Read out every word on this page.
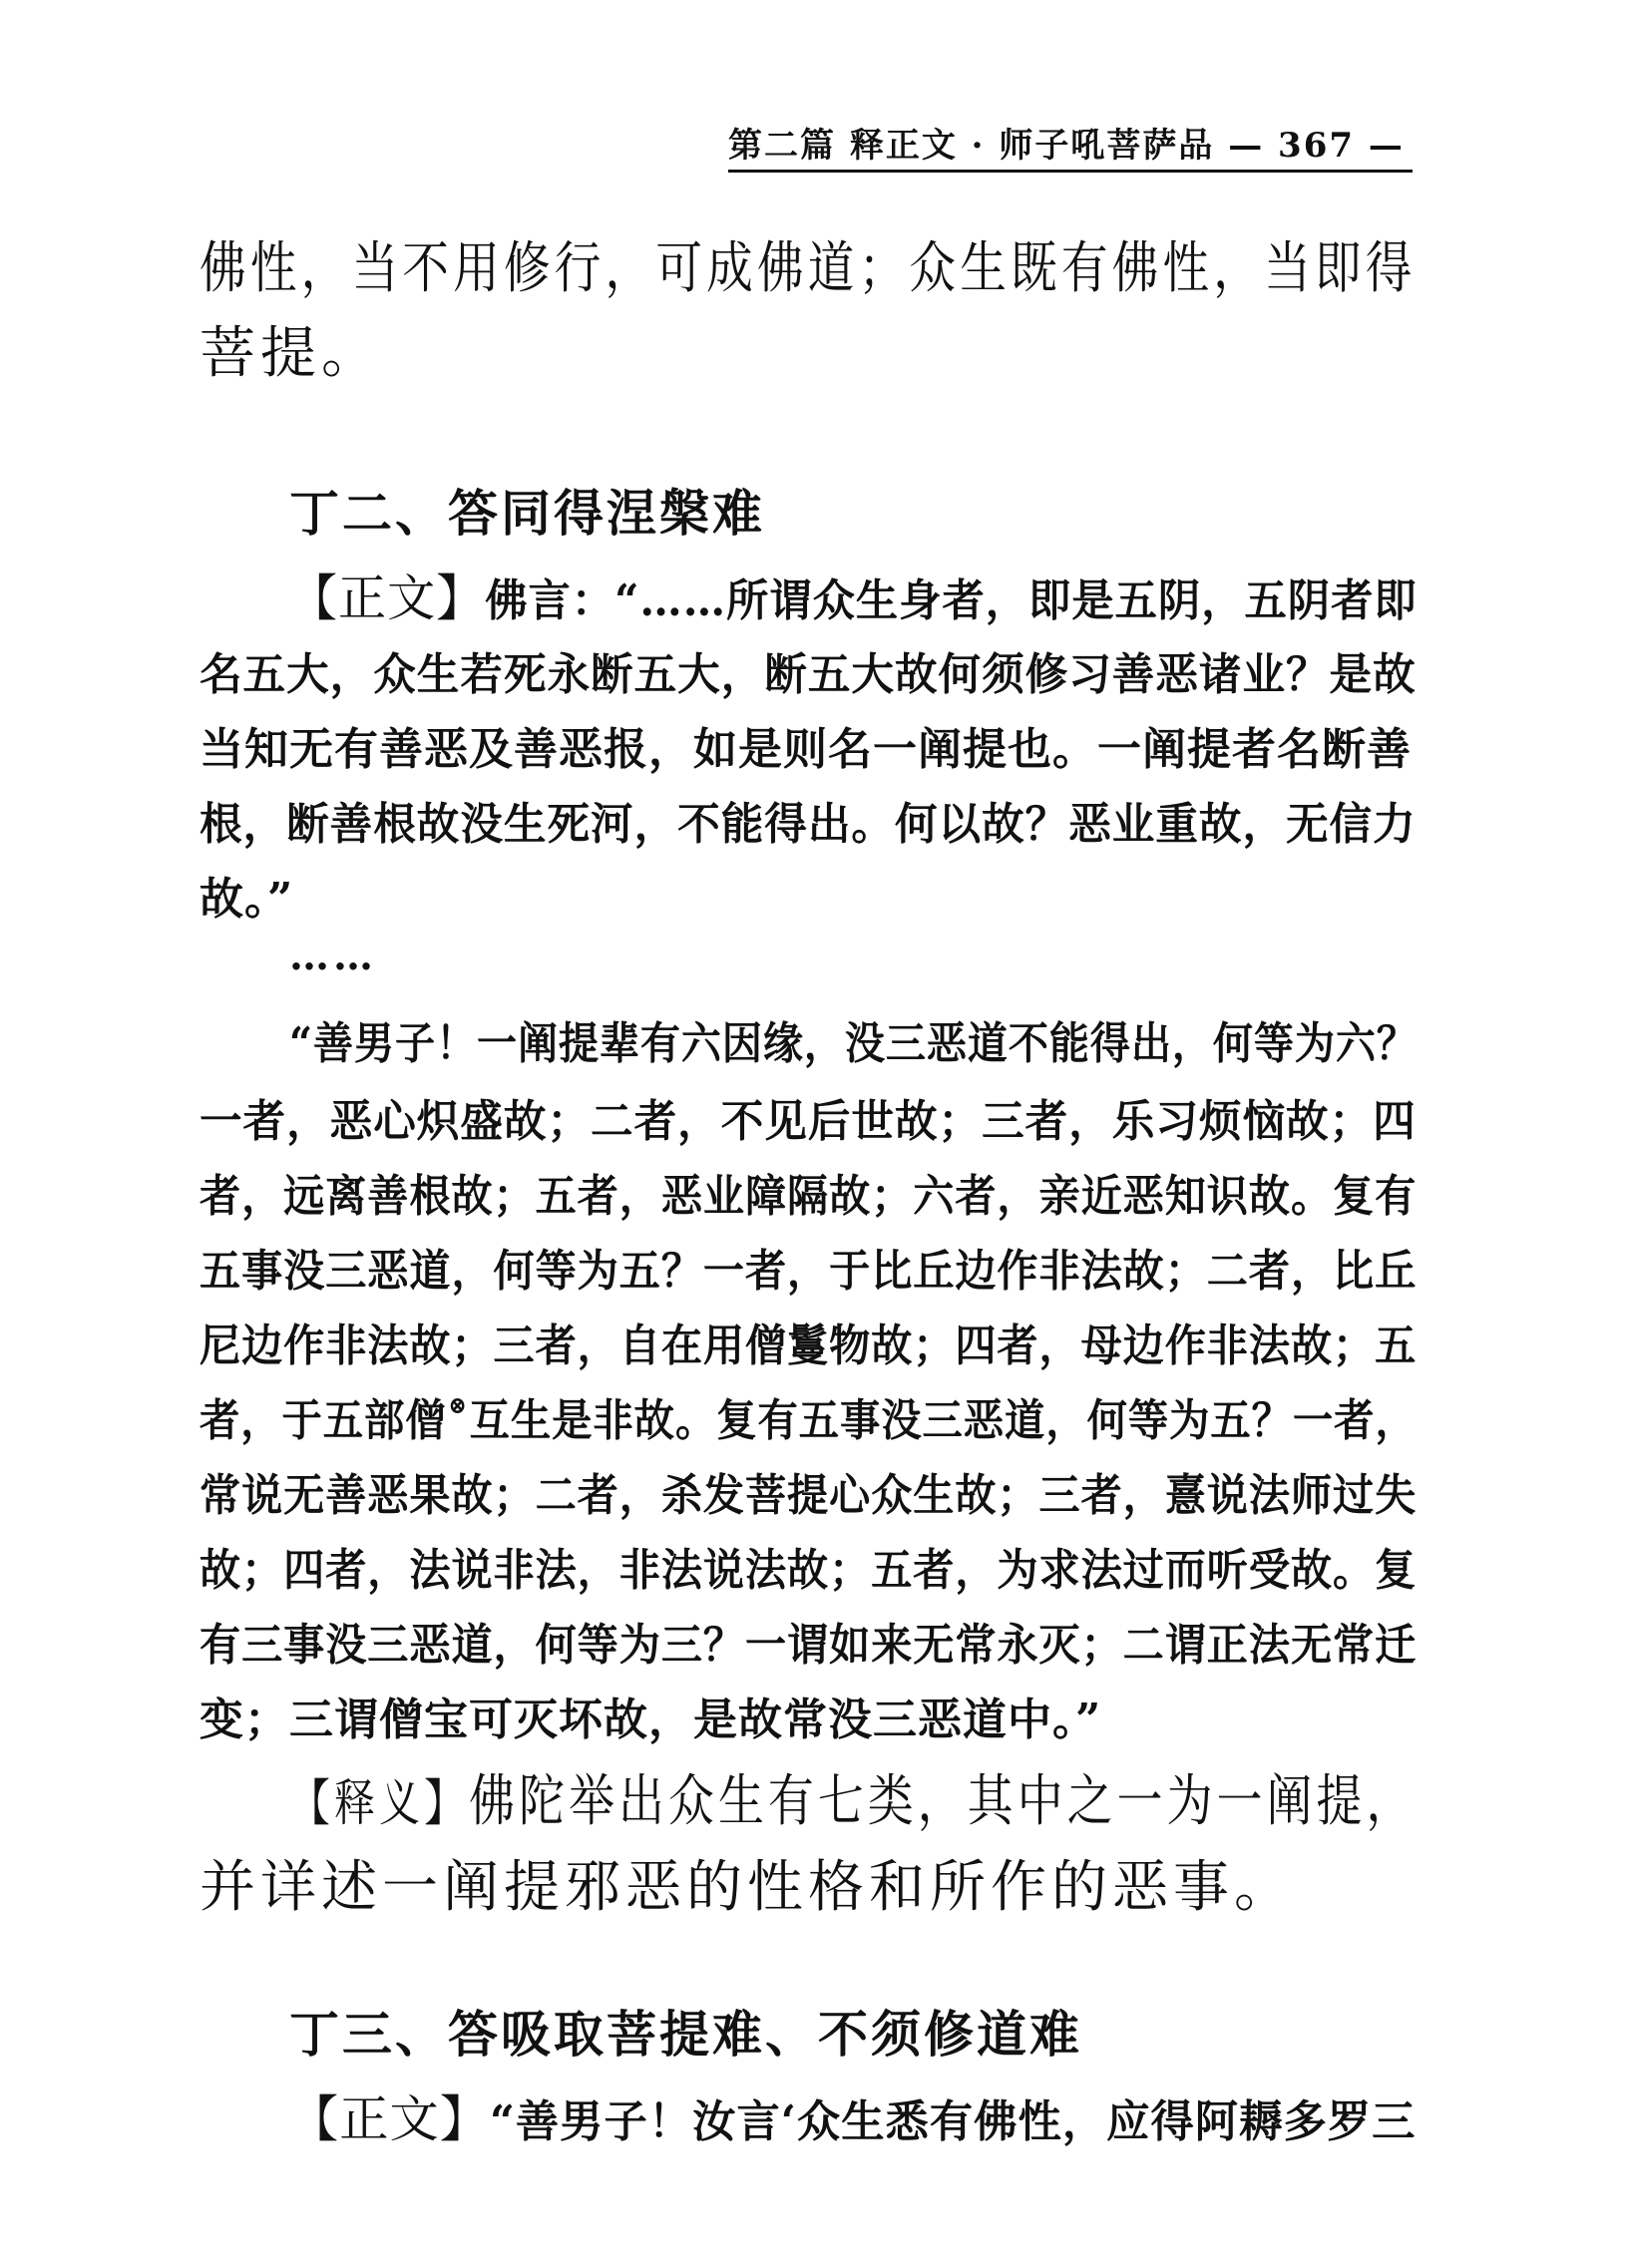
第二篇 释正文 · 师子吼菩萨品 — 367 —
佛性，当不用修行，可成佛道；众生既有佛性，当即得
菩提。
丁二、答同得涅槃难
【正文】佛言：“……所谓众生身者，即是五阴，五阴者即
名五大，众生若死永断五大，断五大故何须修习善恶诸业？是故
当知无有善恶及善恶报，如是则名一阐提也。一阐提者名断善
根，断善根故没生死河，不能得出。何以故？恶业重故，无信力
故。”
……
“善男子！一阐提辈有六因缘，没三恶道不能得出，何等为六？
一者，恶心炽盛故；二者，不见后世故；三者，乐习烦恼故；四
者，远离善根故；五者，恶业障隔故；六者，亲近恶知识故。复有
五事没三恶道，何等为五？一者，于比丘边作非法故；二者，比丘
尼边作非法故；三者，自在用僧鬘物故；四者，母边作非法故；五
者，于五部僧⊗互生是非故。复有五事没三恶道，何等为五？一者，
常说无善恶果故；二者，杀发菩提心众生故；三者，憙说法师过失
故；四者，法说非法，非法说法故；五者，为求法过而听受故。复
有三事没三恶道，何等为三？一谓如来无常永灭；二谓正法无常迁
变；三谓僧宝可灭坏故，是故常没三恶道中。”
【释义】佛陀举出众生有七类，其中之一为一阐提，
并详述一阐提邪恶的性格和所作的恶事。
丁三、答吸取菩提难、不须修道难
【正文】“善男子！汝言‘众生悉有佛性，应得阿耨多罗三
